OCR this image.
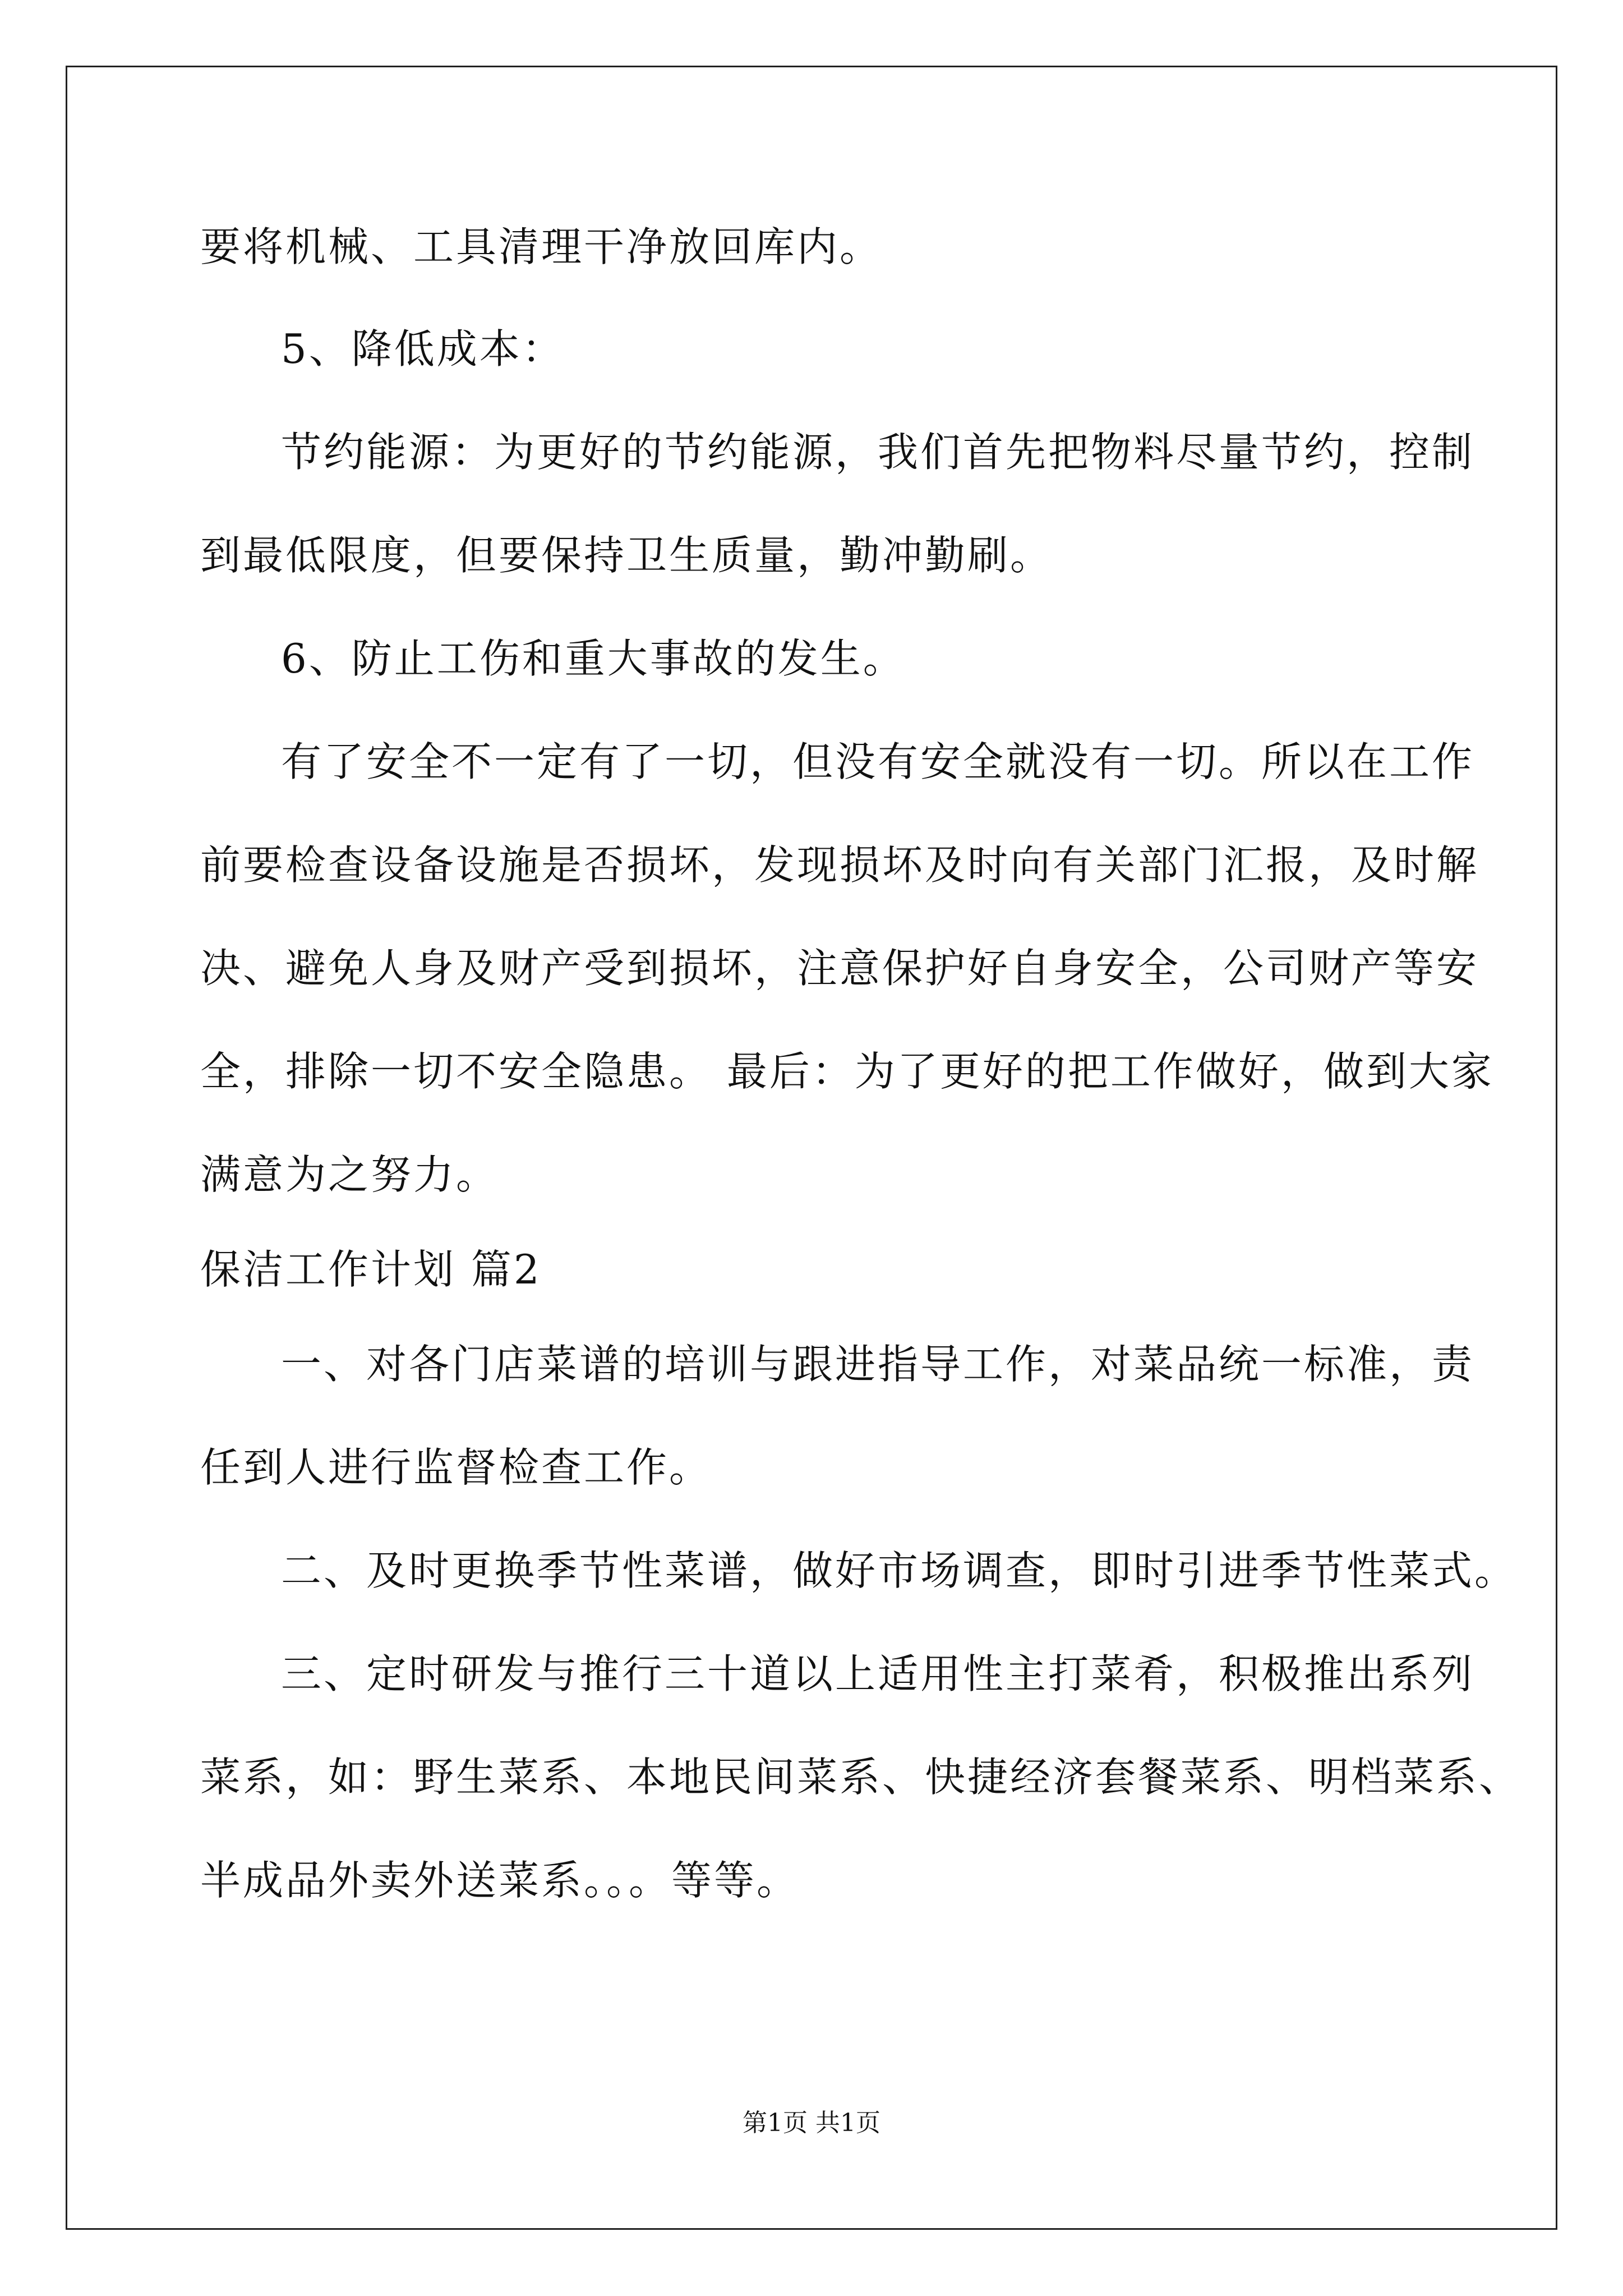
要将机械、工具清理干净放回库内。
5、降低成本：
节约能源：为更好的节约能源，我们首先把物料尽量节约，控制
到最低限度，但要保持卫生质量，勤冲勤刷。
6、防止工伤和重大事故的发生。
有了安全不一定有了一切，但没有安全就没有一切。所以在工作
前要检查设备设施是否损坏，发现损坏及时向有关部门汇报，及时解
决、避免人身及财产受到损坏，注意保护好自身安全，公司财产等安
全，排除一切不安全隐患。 最后：为了更好的把工作做好，做到大家
满意为之努力。
保洁工作计划 篇2
一、对各门店菜谱的培训与跟进指导工作，对菜品统一标准，责
任到人进行监督检查工作。
二、及时更换季节性菜谱，做好市场调查，即时引进季节性菜式。
三、定时研发与推行三十道以上适用性主打菜肴，积极推出系列
菜系，如：野生菜系、本地民间菜系、快捷经济套餐菜系、明档菜系、
半成品外卖外送菜系。。。等等。
第1页 共1页
